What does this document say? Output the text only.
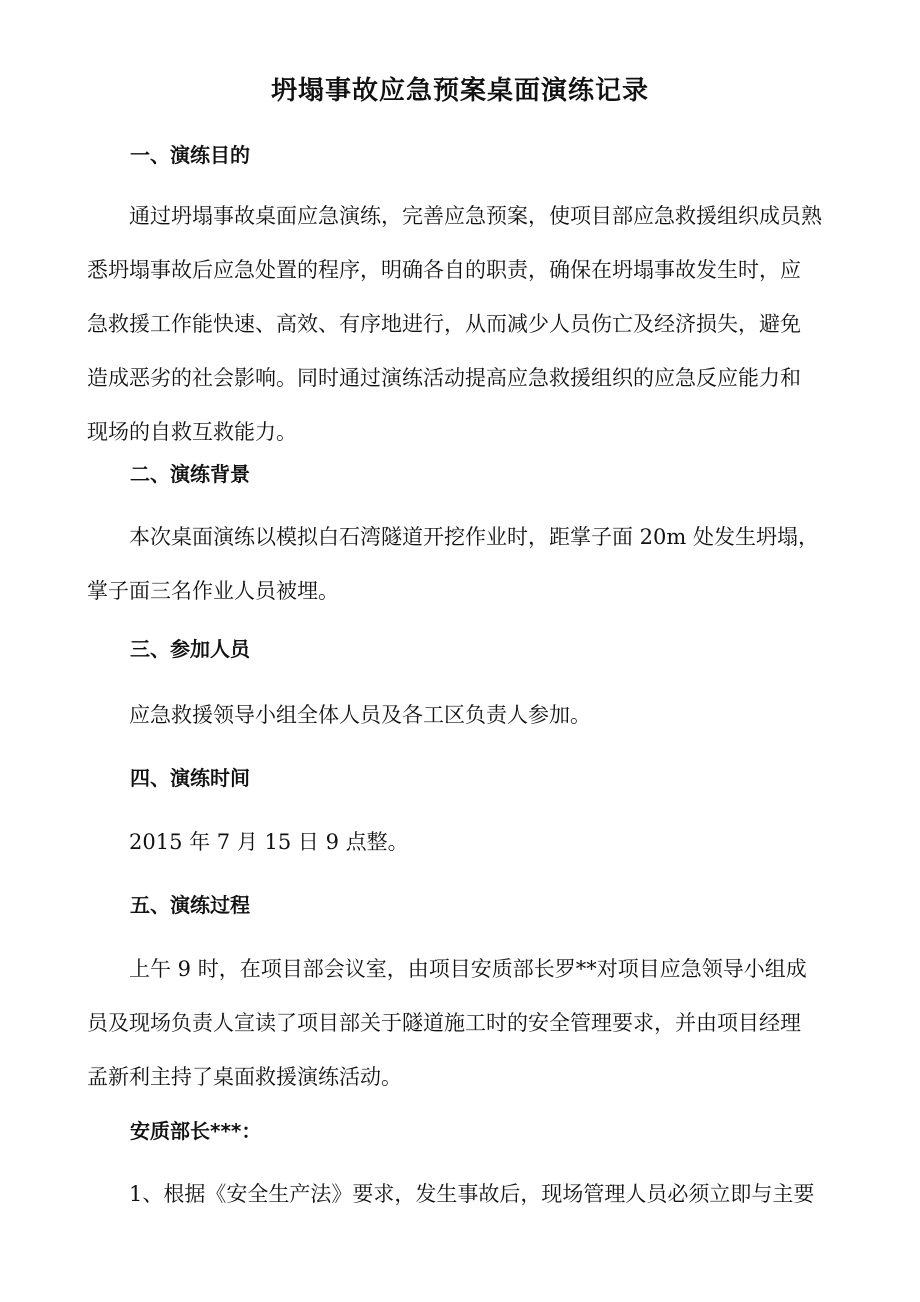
坍塌事故应急预案桌面演练记录
一、演练目的
通过坍塌事故桌面应急演练，完善应急预案，使项目部应急救援组织成员熟
悉坍塌事故后应急处置的程序，明确各自的职责，确保在坍塌事故发生时，应
急救援工作能快速、高效、有序地进行，从而减少人员伤亡及经济损失，避免
造成恶劣的社会影响。同时通过演练活动提高应急救援组织的应急反应能力和
现场的自救互救能力。
二、演练背景
本次桌面演练以模拟白石湾隧道开挖作业时，距掌子面 20m 处发生坍塌，
掌子面三名作业人员被埋。
三、参加人员
应急救援领导小组全体人员及各工区负责人参加。
四、演练时间
2015 年 7 月 15 日 9 点整。
五、演练过程
上午 9 时，在项目部会议室，由项目安质部长罗**对项目应急领导小组成
员及现场负责人宣读了项目部关于隧道施工时的安全管理要求，并由项目经理
孟新利主持了桌面救援演练活动。
安质部长***：
1、根据《安全生产法》要求，发生事故后，现场管理人员必须立即与主要
